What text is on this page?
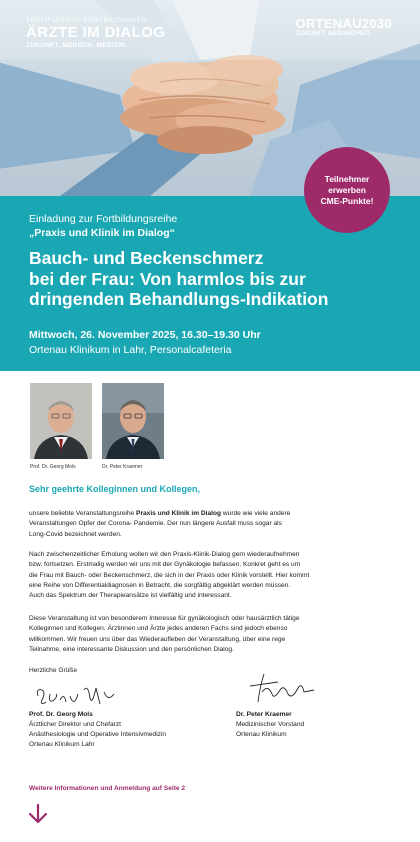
ZERTIFIZIERTE FORTBILDUNGEN
ÄRZTE IM DIALOG
ZUKUNFT. MENSCH. MEDIZIN.
ORTENAU2030
ZUKUNFT GESUNDHEIT
Einladung zur Fortbildungsreihe
„Praxis und Klinik im Dialog“
Bauch- und Beckenschmerz
bei der Frau: Von harmlos bis zur
dringenden Behandlungs-Indikation
Mittwoch, 26. November 2025, 16.30–19.30 Uhr
Ortenau Klinikum in Lahr, Personalcafeteria
Teilnehmer
erwerben
CME-Punkte!
Prof. Dr. Georg Mols	Dr. Peter Kraemer
Sehr geehrte Kolleginnen und Kollegen,
unsere beliebte Veranstaltungsreihe Praxis und Klinik im Dialog wurde wie viele andere
Veranstaltungen Opfer der Corona- Pandemie. Der nun längere Ausfall muss sogar als
Long-Covid bezeichnet werden.
Nach zwischenzeitlicher Erholung wollen wir den Praxis-Klinik-Dialog gern wiederaufnehmen
bzw. fortsetzen. Erstmalig werden wir uns mit der Gynäkologie befassen. Konkret geht es um
die Frau mit Bauch- oder Beckenschmerz, die sich in der Praxis oder Klinik vorstellt. Hier kommt
eine Reihe von Differentialdiagnosen in Betracht, die sorgfältig abgeklärt werden müssen.
Auch das Spektrum der Therapieansätze ist vielfältig und interessant.
Diese Veranstaltung ist von besonderem Interesse für gynäkologisch oder hausärztlich tätige
Kolleginnen und Kollegen. Ärztinnen und Ärzte jedes anderen Fachs sind jedoch ebenso
willkommen. Wir freuen uns über das Wiederaufleben der Veranstaltung, über eine rege
Teilnahme, eine interessante Diskussion und den persönlichen Dialog.
Herzliche Grüße
Prof. Dr. Georg Mols
Ärztlicher Direktor und Chefarzt
Anästhesiologie und Operative Intensivmedizin
Ortenau Klinikum Lahr
Dr. Peter Kraemer
Medizinischer Vorstand
Ortenau Klinikum
Weitere Informationen und Anmeldung auf Seite 2
